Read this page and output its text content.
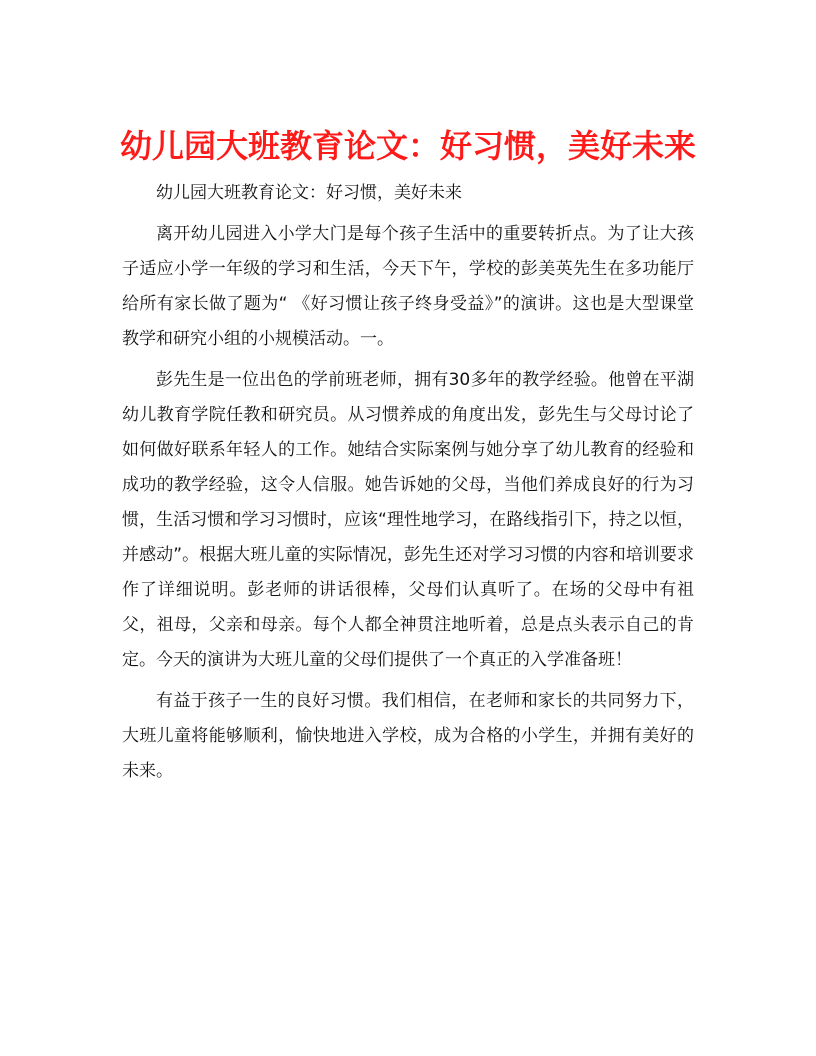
幼儿园大班教育论文：好习惯，美好未来

幼儿园大班教育论文：好习惯，美好未来

离开幼儿园进入小学大门是每个孩子生活中的重要转折点。为了让大孩子适应小学一年级的学习和生活，今天下午，学校的彭美英先生在多功能厅给所有家长做了题为“ 《好习惯让孩子终身受益》”的演讲。这也是大型课堂教学和研究小组的小规模活动。一。

彭先生是一位出色的学前班老师，拥有30多年的教学经验。他曾在平湖幼儿教育学院任教和研究员。从习惯养成的角度出发，彭先生与父母讨论了如何做好联系年轻人的工作。她结合实际案例与她分享了幼儿教育的经验和成功的教学经验，这令人信服。她告诉她的父母，当他们养成良好的行为习惯，生活习惯和学习习惯时，应该“理性地学习，在路线指引下，持之以恒，并感动”。根据大班儿童的实际情况，彭先生还对学习习惯的内容和培训要求作了详细说明。彭老师的讲话很棒，父母们认真听了。在场的父母中有祖父，祖母，父亲和母亲。每个人都全神贯注地听着，总是点头表示自己的肯定。今天的演讲为大班儿童的父母们提供了一个真正的入学准备班！

有益于孩子一生的良好习惯。我们相信，在老师和家长的共同努力下，大班儿童将能够顺利，愉快地进入学校，成为合格的小学生，并拥有美好的未来。
